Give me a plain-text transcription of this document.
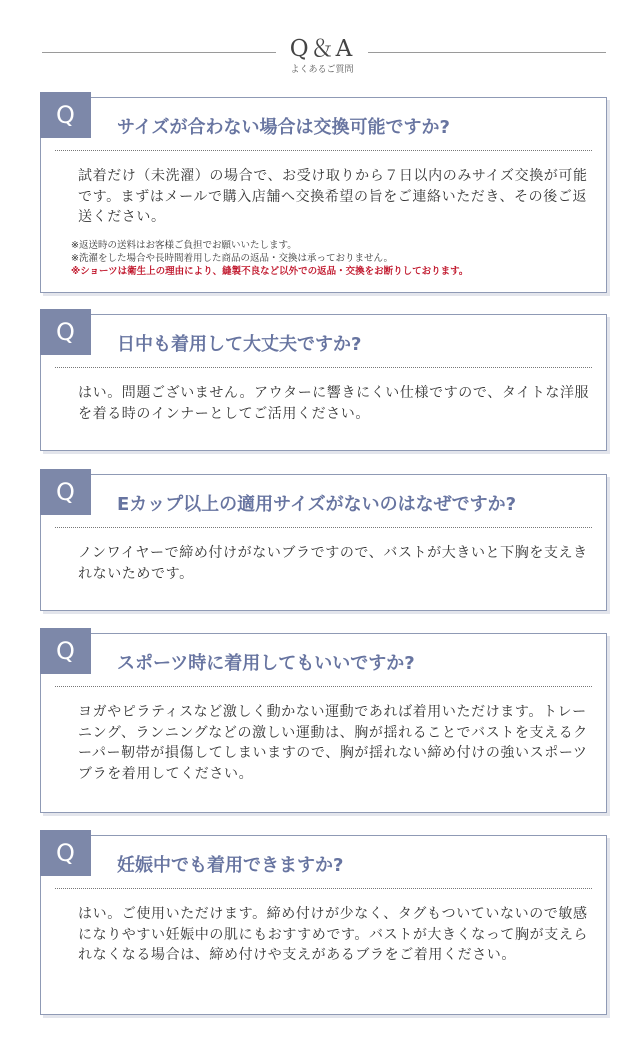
Q＆A
よくあるご質問
Q	サイズが合わない場合は交換可能ですか?
試着だけ（未洗濯）の場合で、お受け取りから７日以内のみサイズ交換が可能です。まずはメールで購入店舗へ交換希望の旨をご連絡いただき、その後ご返送ください。
※返送時の送料はお客様ご負担でお願いいたします。
※洗濯をした場合や長時間着用した商品の返品・交換は承っておりません。
※ショーツは衛生上の理由により、縫製不良など以外での返品・交換をお断りしております。
Q	日中も着用して大丈夫ですか?
はい。問題ございません。アウターに響きにくい仕様ですので、タイトな洋服を着る時のインナーとしてご活用ください。
Q	Eカップ以上の適用サイズがないのはなぜですか?
ノンワイヤーで締め付けがないブラですので、バストが大きいと下胸を支えきれないためです。
Q	スポーツ時に着用してもいいですか?
ヨガやピラティスなど激しく動かない運動であれば着用いただけます。トレーニング、ランニングなどの激しい運動は、胸が揺れることでバストを支えるクーパー靭帯が損傷してしまいますので、胸が揺れない締め付けの強いスポーツブラを着用してください。
Q	妊娠中でも着用できますか?
はい。ご使用いただけます。締め付けが少なく、タグもついていないので敏感になりやすい妊娠中の肌にもおすすめです。バストが大きくなって胸が支えられなくなる場合は、締め付けや支えがあるブラをご着用ください。
